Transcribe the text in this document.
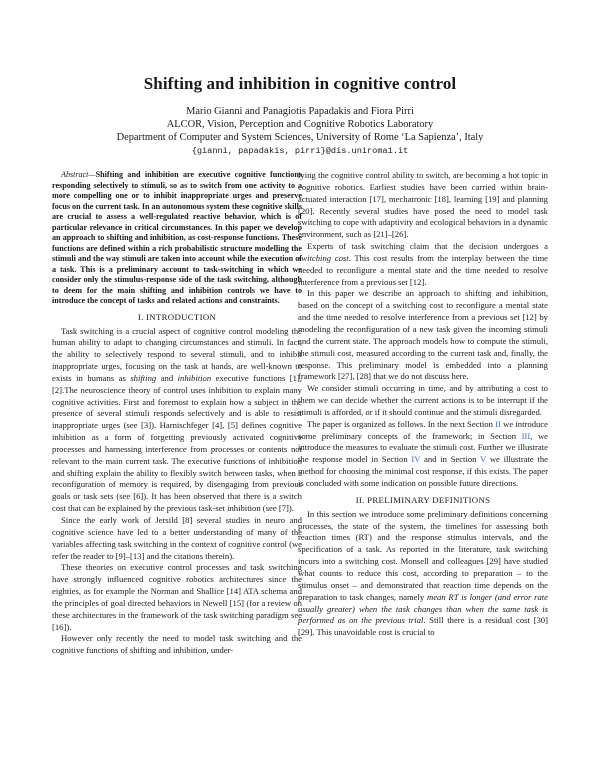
Shifting and inhibition in cognitive control
Mario Gianni and Panagiotis Papadakis and Fiora Pirri
ALCOR, Vision, Perception and Cognitive Robotics Laboratory
Department of Computer and System Sciences, University of Rome ‘La Sapienza’, Italy
{gianni, papadakis, pirri}@dis.uniroma1.it

Abstract—Shifting and inhibition are executive cognitive functions responding selectively to stimuli, so as to switch from one activity to a more compelling one or to inhibit inappropriate urges and preserve focus on the current task. In an autonomous system these cognitive skills are crucial to assess a well-regulated reactive behavior, which is of particular relevance in critical circumstances. In this paper we develop an approach to shifting and inhibition, as cost-response functions. These functions are defined within a rich probabilistic structure modelling the stimuli and the way stimuli are taken into account while the execution of a task. This is a preliminary account to task-switching in which we consider only the stimulus-response side of the task switching, although to deem for the main shifting and inhibition controls we have to introduce the concept of tasks and related actions and constraints.

I. INTRODUCTION

Task switching is a crucial aspect of cognitive control modeling the human ability to adapt to changing circumstances and stimuli. In fact, the ability to selectively respond to several stimuli, and to inhibit inappropriate urges, focusing on the task at hands, are well-known to exists in humans as shifting and inhibition executive functions [1], [2].The neuroscience theory of control uses inhibition to explain many cognitive activities. First and foremost to explain how a subject in the presence of several stimuli responds selectively and is able to resist inappropriate urges (see [3]). Harnischfeger [4], [5] defines cognitive inhibition as a form of forgetting previously activated cognitive processes and harnessing interference from processes or contents not relevant to the main current task. The executive functions of inhibition and shifting explain the ability to flexibly switch between tasks, when a reconfiguration of memory is required, by disengaging from previous goals or task sets (see [6]). It has been observed that there is a switch cost that can be explained by the previous task-set inhibition (see [7]).

Since the early work of Jersild [8] several studies in neuro and cognitive science have led to a better understanding of many of the variables affecting task switching in the context of cognitive control (we refer the reader to [9]–[13] and the citations therein).

These theories on executive control processes and task switching have strongly influenced cognitive robotics architectures since the eighties, as for example the Norman and Shallice [14] ATA schema and the principles of goal directed behaviors in Newell [15] (for a review on these architectures in the framework of the task switching paradigm see [16]).

However only recently the need to model task switching and the cognitive functions of shifting and inhibition, under-

lying the cognitive control ability to switch, are becoming a hot topic in cognitive robotics. Earliest studies have been carried within brain-actuated interaction [17], mechatronic [18], learning [19] and planning [20]. Recently several studies have posed the need to model task switching to cope with adaptivity and ecological behaviors in a dynamic environment, such as [21]–[26].

Experts of task switching claim that the decision undergoes a switching cost. This cost results from the interplay between the time needed to reconfigure a mental state and the time needed to resolve interference from a previous set [12].

In this paper we describe an approach to shifting and inhibition, based on the concept of a switching cost to reconfigure a mental state and the time needed to resolve interference from a previous set [12] by modeling the reconfiguration of a new task given the incoming stimuli and the current state. The approach models how to compute the stimuli, the stimuli cost, measured according to the current task and, finally, the response. This preliminary model is embedded into a planning framework [27], [28] that we do not discuss here.

We consider stimuli occurring in time, and by attributing a cost to them we can decide whether the current actions is to be interrupt if the stimuli is afforded, or if it should continue and the stimuli disregarded.

The paper is organized as follows. In the next Section II we introduce some preliminary concepts of the framework; in Section III, we introduce the measures to evaluate the stimuli cost. Further we illustrate the response model in Section IV and in Section V we illustrate the method for choosing the minimal cost response, if this exists. The paper is concluded with some indication on possible future directions.

II. PRELIMINARY DEFINITIONS

In this section we introduce some preliminary definitions concerning processes, the state of the system, the timelines for assessing both reaction times (RT) and the response stimulus intervals, and the specification of a task. As reported in the literature, task switching incurs into a switching cost. Monsell and colleagues [29] have studied what counts to reduce this cost, according to preparation – to the stimulus onset – and demonstrated that reaction time depends on the preparation to task changes, namely mean RT is longer (and error rate usually greater) when the task changes than when the same task is performed as on the previous trial. Still there is a residual cost [30] [29]. This unavoidable cost is crucial to
